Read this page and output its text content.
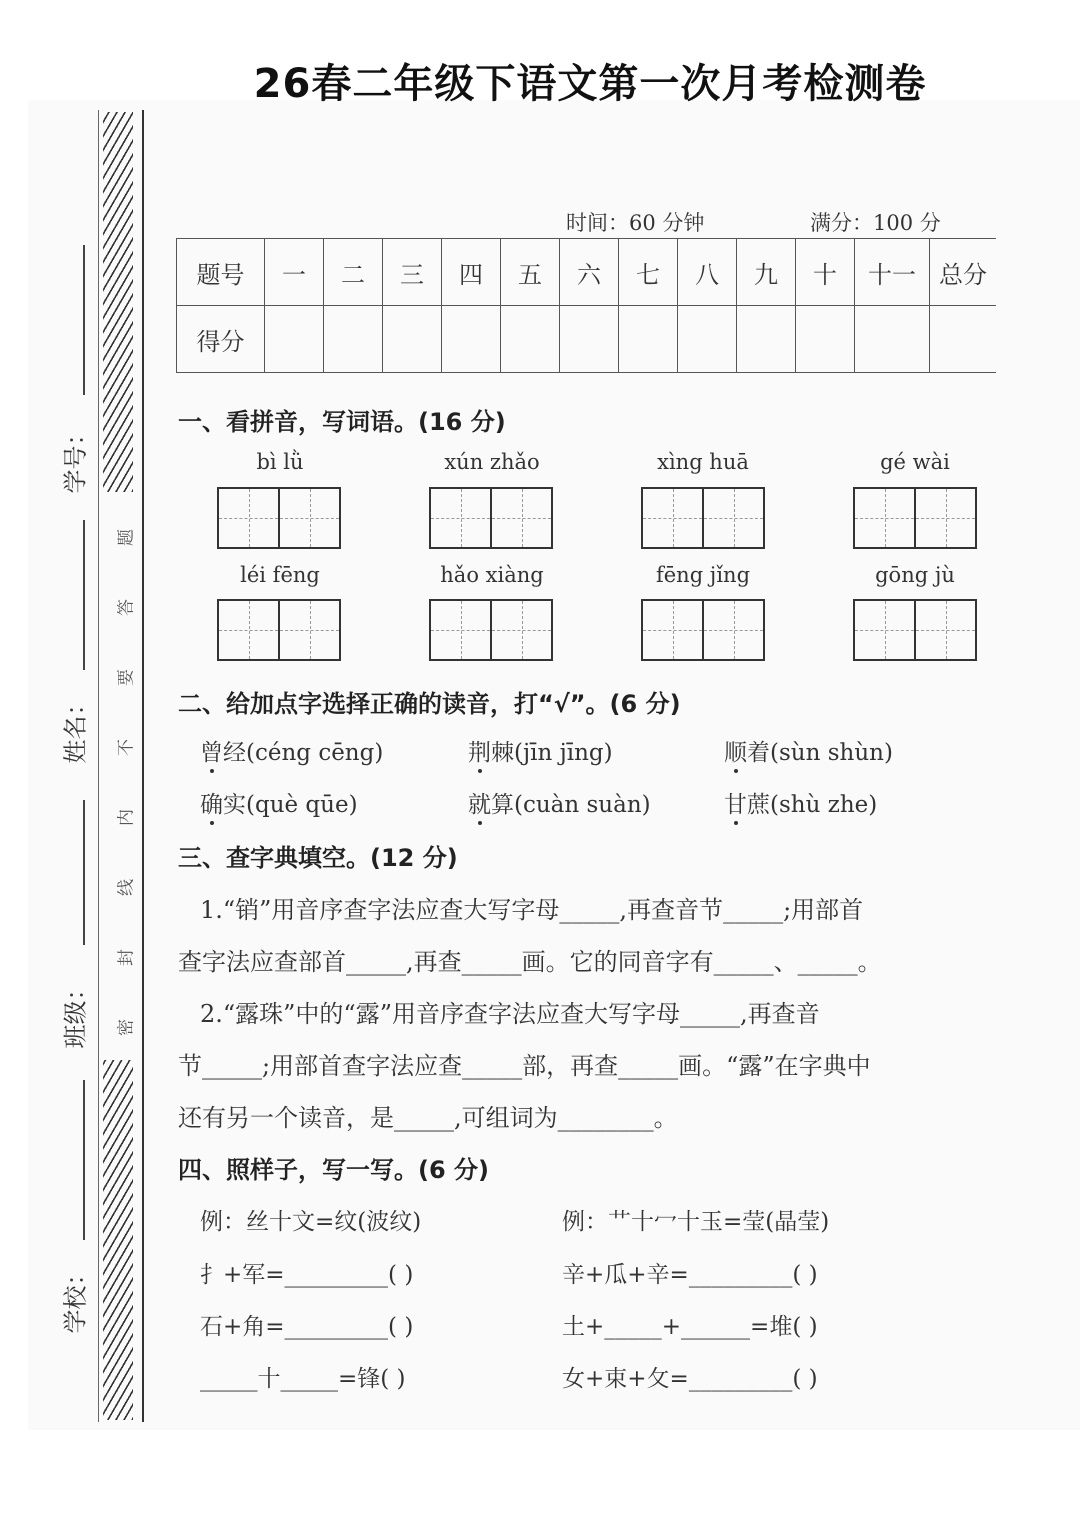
26春二年级下语文第一次月考检测卷
题
答
要
不
内
线
封
密
学号：
姓名：
班级：
学校：
时间：60 分钟	满分：100 分
题号	一	二	三	四	五	六	七	八	九	十	十一	总分
得分												
一、看拼音，写词语。(16 分)
bì lǜ	xún zhǎo	xìng huā	gé wài
léi fēng	hǎo xiàng	fēng jǐng	gōng jù
二、给加点字选择正确的读音，打“√”。(6 分)
曾经(céng cēng)	荆棘(jīn jīng)	顺着(sùn shùn)
确实(què qūe)	就算(cuàn suàn)	甘蔗(shù zhe)
三、查字典填空。(12 分)
1.“销”用音序查字法应查大写字母_____,再查音节_____;用部首
查字法应查部首_____,再查_____画。它的同音字有_____、_____。
2.“露珠”中的“露”用音序查字法应查大写字母_____,再查音
节_____;用部首查字法应查_____部，再查_____画。“露”在字典中
还有另一个读音，是_____,可组词为________。
四、照样子，写一写。(6 分)
例：丝十文=纹(波纹)
扌+军=_________( )
石+角=_________( )
_____十_____=锋( )
例：艹十冖十玉=莹(晶莹)
辛+瓜+辛=_________( )
土+_____+______=堆( )
女+束+攵=_________( )
